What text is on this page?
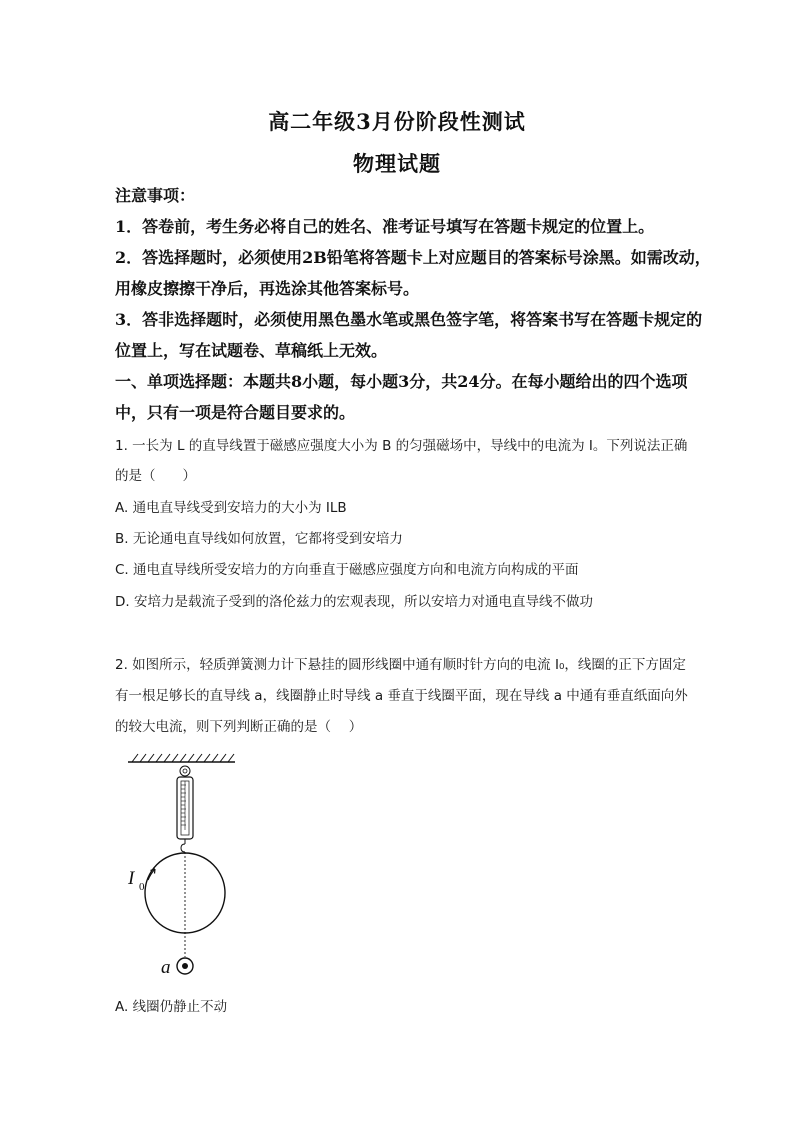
高二年级3月份阶段性测试
物理试题
注意事项：
1．答卷前，考生务必将自己的姓名、准考证号填写在答题卡规定的位置上。
2．答选择题时，必须使用2B铅笔将答题卡上对应题目的答案标号涂黑。如需改动，
用橡皮擦擦干净后，再选涂其他答案标号。
3．答非选择题时，必须使用黑色墨水笔或黑色签字笔，将答案书写在答题卡规定的
位置上，写在试题卷、草稿纸上无效。
一、单项选择题：本题共8小题，每小题3分，共24分。在每小题给出的四个选项
中，只有一项是符合题目要求的。
1. 一长为 L 的直导线置于磁感应强度大小为 B 的匀强磁场中，导线中的电流为 I。下列说法正确
的是（　　）
A. 通电直导线受到安培力的大小为 ILB
B. 无论通电直导线如何放置，它都将受到安培力
C. 通电直导线所受安培力的方向垂直于磁感应强度方向和电流方向构成的平面
D. 安培力是载流子受到的洛伦兹力的宏观表现，所以安培力对通电直导线不做功
2. 如图所示，轻质弹簧测力计下悬挂的圆形线圈中通有顺时针方向的电流 I₀，线圈的正下方固定
有一根足够长的直导线 a，线圈静止时导线 a 垂直于线圈平面，现在导线 a 中通有垂直纸面向外
的较大电流，则下列判断正确的是（　 ）
I 0
a
A. 线圈仍静止不动
